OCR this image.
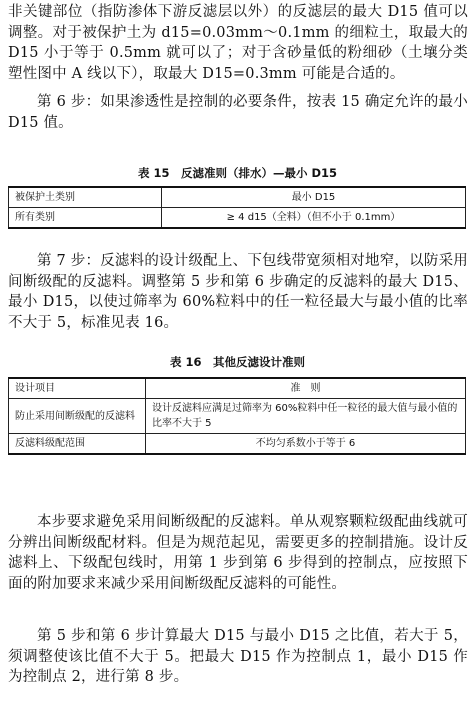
非关键部位（指防渗体下游反滤层以外）的反滤层的最大 D15 值可以调整。对于被保护土为 d15=0.03mm～0.1mm 的细粒土，取最大的 D15 小于等于 0.5mm 就可以了；对于含砂量低的粉细砂（土壤分类塑性图中 A 线以下），取最大 D15=0.3mm 可能是合适的。
第 6 步：如果渗透性是控制的必要条件，按表 15 确定允许的最小 D15 值。
表 15　反滤准则（排水）—最小 D15
被保护土类别	最小 D15
所有类别	≥ 4 d15（全料）（但不小于 0.1mm）
第 7 步：反滤料的设计级配上、下包线带宽须相对地窄，以防采用间断级配的反滤料。调整第 5 步和第 6 步确定的反滤料的最大 D15、最小 D15，以使过筛率为 60%粒料中的任一粒径最大与最小值的比率不大于 5，标准见表 16。
表 16　其他反滤设计准则
设计项目	准　则
防止采用间断级配的反滤料	设计反滤料应满足过筛率为 60%粒料中任一粒径的最大值与最小值的比率不大于 5
反滤料级配范围	不均匀系数小于等于 6
本步要求避免采用间断级配的反滤料。单从观察颗粒级配曲线就可分辨出间断级配材料。但是为规范起见，需要更多的控制措施。设计反滤料上、下级配包线时，用第 1 步到第 6 步得到的控制点，应按照下面的附加要求来减少采用间断级配反滤料的可能性。
第 5 步和第 6 步计算最大 D15 与最小 D15 之比值，若大于 5，须调整使该比值不大于 5。把最大 D15 作为控制点 1，最小 D15 作为控制点 2，进行第 8 步。
